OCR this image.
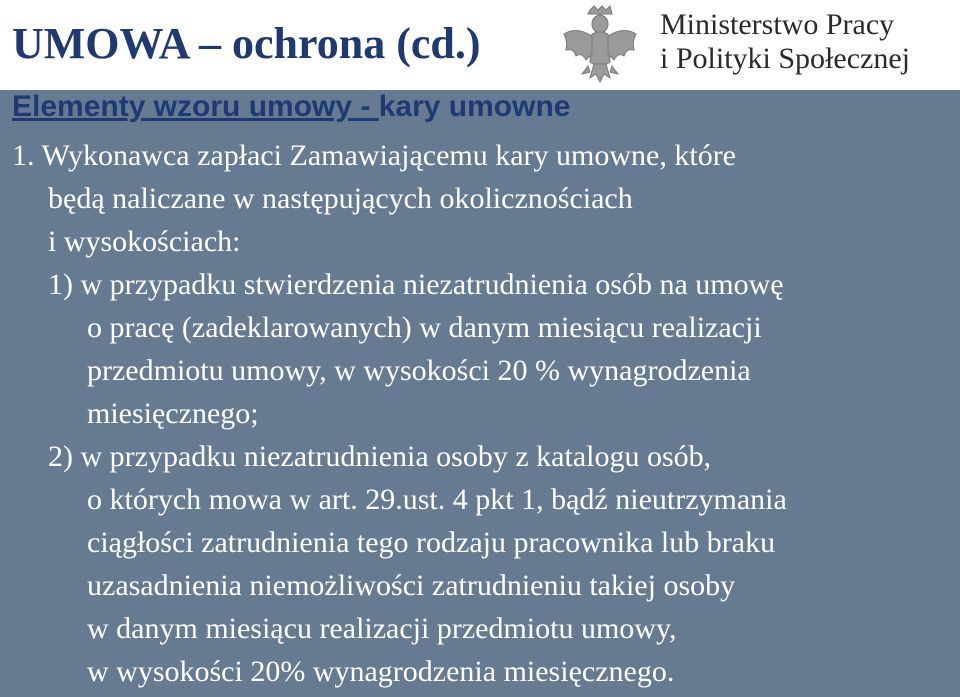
UMOWA – ochrona (cd.)	Ministerstwo Pracy
i Polityki Społecznej
Elementy wzoru umowy - kary umowne
1. Wykonawca zapłaci Zamawiającemu kary umowne, które
będą naliczane w następujących okolicznościach
i wysokościach:
1) w przypadku stwierdzenia niezatrudnienia osób na umowę
o pracę (zadeklarowanych) w danym miesiącu realizacji
przedmiotu umowy, w wysokości 20 % wynagrodzenia
miesięcznego;
2) w przypadku niezatrudnienia osoby z katalogu osób,
o których mowa w art. 29.ust. 4 pkt 1, bądź nieutrzymania
ciągłości zatrudnienia tego rodzaju pracownika lub braku
uzasadnienia niemożliwości zatrudnieniu takiej osoby
w danym miesiącu realizacji przedmiotu umowy,
w wysokości 20% wynagrodzenia miesięcznego.
